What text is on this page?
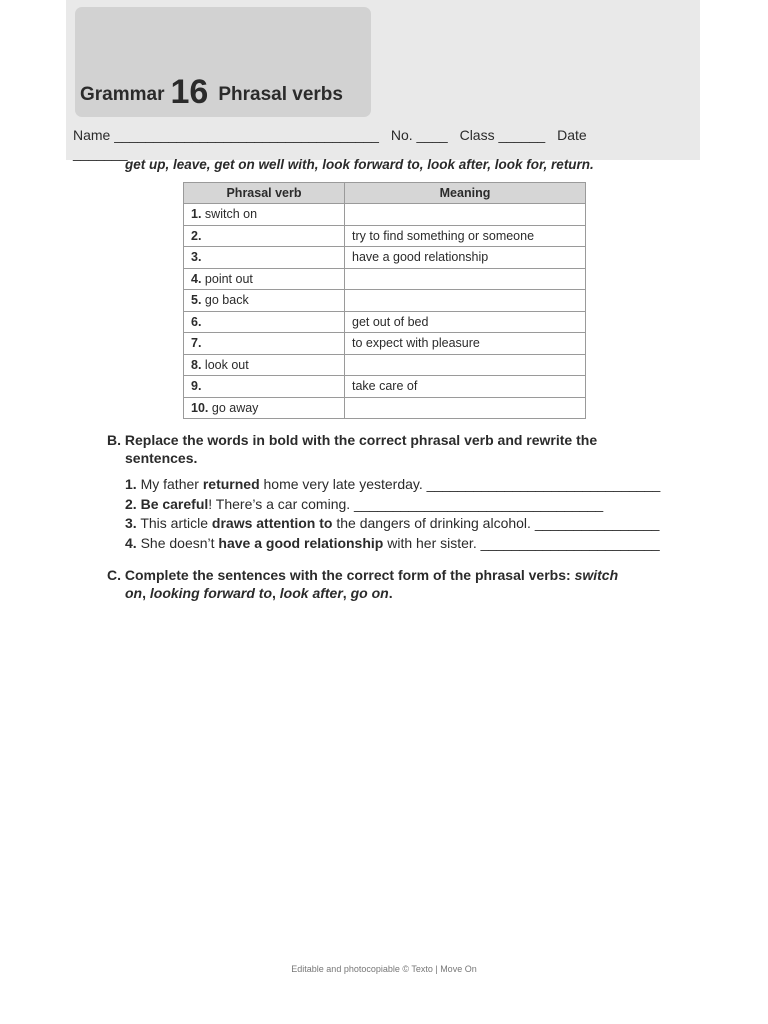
Grammar 16 Phrasal verbs
Name __________________________________ No. ____ Class ______ Date
_______
get up, leave, get on well with, look forward to, look after, look for, return.
Phrasal verb	Meaning
1. switch on	
2.	try to find something or someone
3.	have a good relationship
4. point out	
5. go back	
6.	get out of bed
7.	to expect with pleasure
8. look out	
9.	take care of
10. go away	
B. Replace the words in bold with the correct phrasal verb and rewrite the
sentences.
1. My father returned home very late yesterday. ______________________________
2. Be careful! There’s a car coming. ________________________________
3. This article draws attention to the dangers of drinking alcohol. ________________
4. She doesn’t have a good relationship with her sister. _______________________
C. Complete the sentences with the correct form of the phrasal verbs: switch
on, looking forward to, look after, go on.
Editable and photocopiable © Texto | Move On
